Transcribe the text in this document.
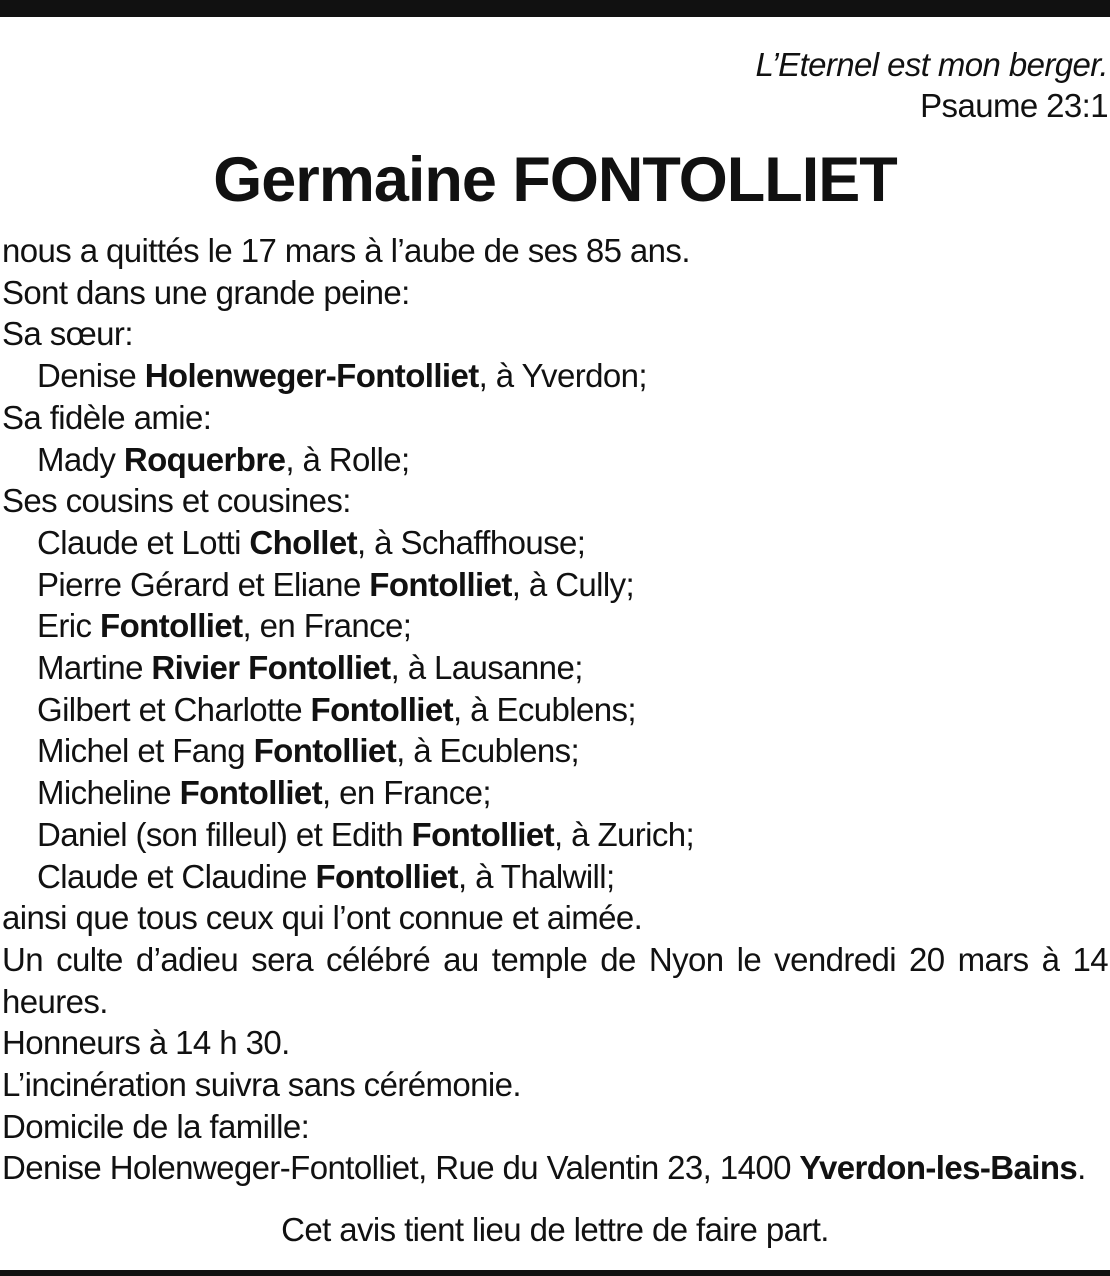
L’Eternel est mon berger.
Psaume 23:1
Germaine FONTOLLIET
nous a quittés le 17 mars à l’aube de ses 85 ans.
Sont dans une grande peine:
Sa sœur:
Denise Holenweger-Fontolliet, à Yverdon;
Sa fidèle amie:
Mady Roquerbre, à Rolle;
Ses cousins et cousines:
Claude et Lotti Chollet, à Schaffhouse;
Pierre Gérard et Eliane Fontolliet, à Cully;
Eric Fontolliet, en France;
Martine Rivier Fontolliet, à Lausanne;
Gilbert et Charlotte Fontolliet, à Ecublens;
Michel et Fang Fontolliet, à Ecublens;
Micheline Fontolliet, en France;
Daniel (son filleul) et Edith Fontolliet, à Zurich;
Claude et Claudine Fontolliet, à Thalwill;
ainsi que tous ceux qui l’ont connue et aimée.
Un culte d’adieu sera célébré au temple de Nyon le vendredi 20 mars à 14 heures.
Honneurs à 14 h 30.
L’incinération suivra sans cérémonie.
Domicile de la famille:
Denise Holenweger-Fontolliet, Rue du Valentin 23, 1400 Yverdon-les-Bains.
Cet avis tient lieu de lettre de faire part.
